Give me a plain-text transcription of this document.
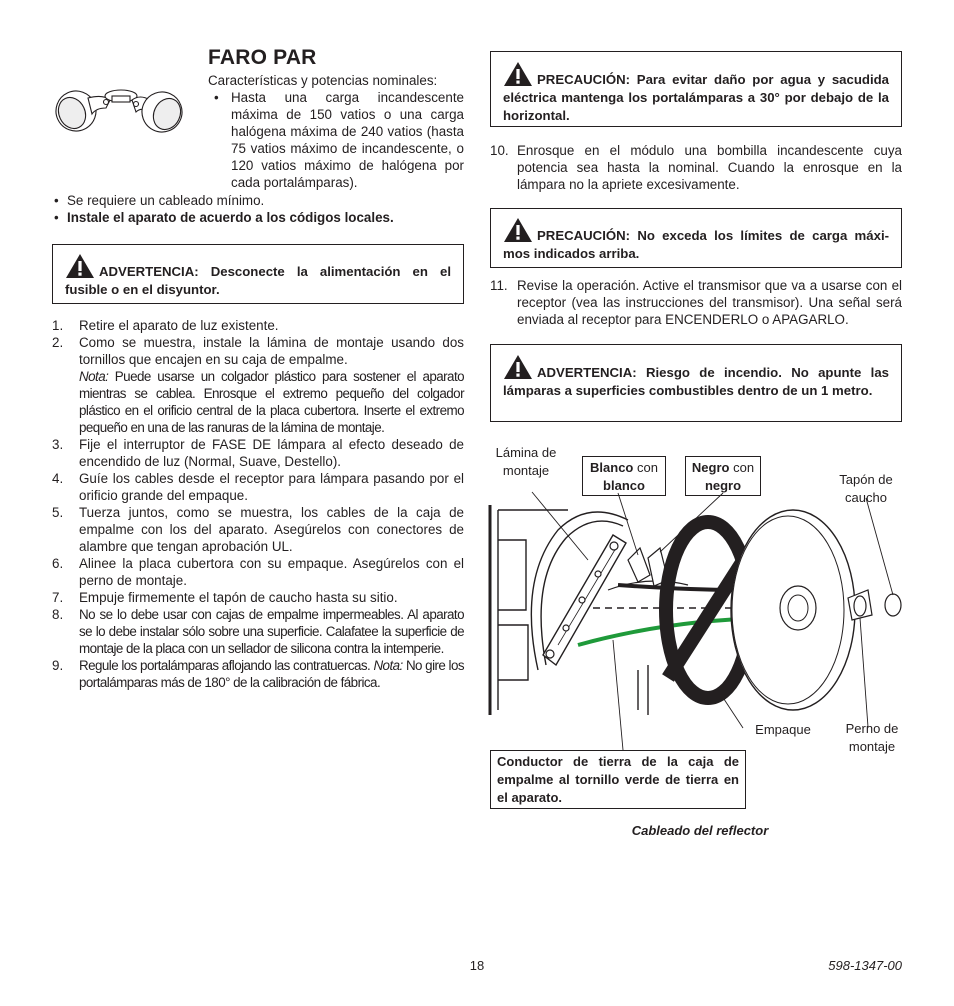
FARO PAR
Características y potencias nominales:
• Hasta una carga incandescente máxima de 150 vatios o una carga halógena máxima de 240 vatios (hasta 75 vatios máximo de incandescente, o 120 vatios máximo de halógena por cada portalámparas).
• Se requiere un cableado mínimo.
• Instale el aparato de acuerdo a los códigos locales.
ADVERTENCIA: Desconecte la alimentación en el fusible o en el disyuntor.
1. Retire el aparato de luz existente.
2. Como se muestra, instale la lámina de montaje usando dos tornillos que encajen en su caja de empalme.
Nota: Puede usarse un colgador plástico para sostener el aparato mientras se cablea. Enrosque el extremo pequeño del colgador plástico en el orificio central de la placa cubertora. Inserte el extremo pequeño en una de las ranuras de la lámina de montaje.
3. Fije el interruptor de FASE DE lámpara al efecto deseado de encendido de luz (Normal, Suave, Destello).
4. Guíe los cables desde el receptor para lámpara pasando por el orificio grande del empaque.
5. Tuerza juntos, como se muestra, los cables de la caja de empalme con los del aparato. Asegúrelos con conectores de alambre que tengan aprobación UL.
6. Alinee la placa cubertora con su empaque. Asegúrelos con el perno de montaje.
7. Empuje firmemente el tapón de caucho hasta su sitio.
8. No se lo debe usar con cajas de empalme impermeables. Al aparato se lo debe instalar sólo sobre una superficie. Calafatee la superficie de montaje de la placa con un sellador de silicona contra la intemperie.
9. Regule los portalámparas aflojando las contratuercas. Nota: No gire los portalámparas más de 180° de la calibración de fábrica.
PRECAUCIÓN: Para evitar daño por agua y sacudida eléctrica mantenga los portalámparas a 30° por debajo de la horizontal.
10. Enrosque en el módulo una bombilla incandescente cuya potencia sea hasta la nominal. Cuando la enrosque en la lámpara no la apriete excesivamente.
PRECAUCIÓN: No exceda los límites de carga máxi-mos indicados arriba.
11. Revise la operación. Active el transmisor que va a usarse con el receptor (vea las instrucciones del transmisor). Una señal será enviada al receptor para ENCENDERLO o APAGARLO.
ADVERTENCIA: Riesgo de incendio. No apunte las lámparas a superficies combustibles dentro de un 1 metro.
Lámina de
montaje	Blanco con
blanco
Negro con
negro	Tapón de
caucho
Empaque	Perno de
montaje
Conductor de tierra de la caja de empalme al tornillo verde de tierra en el aparato.
Cableado del reflector
18	598-1347-00
